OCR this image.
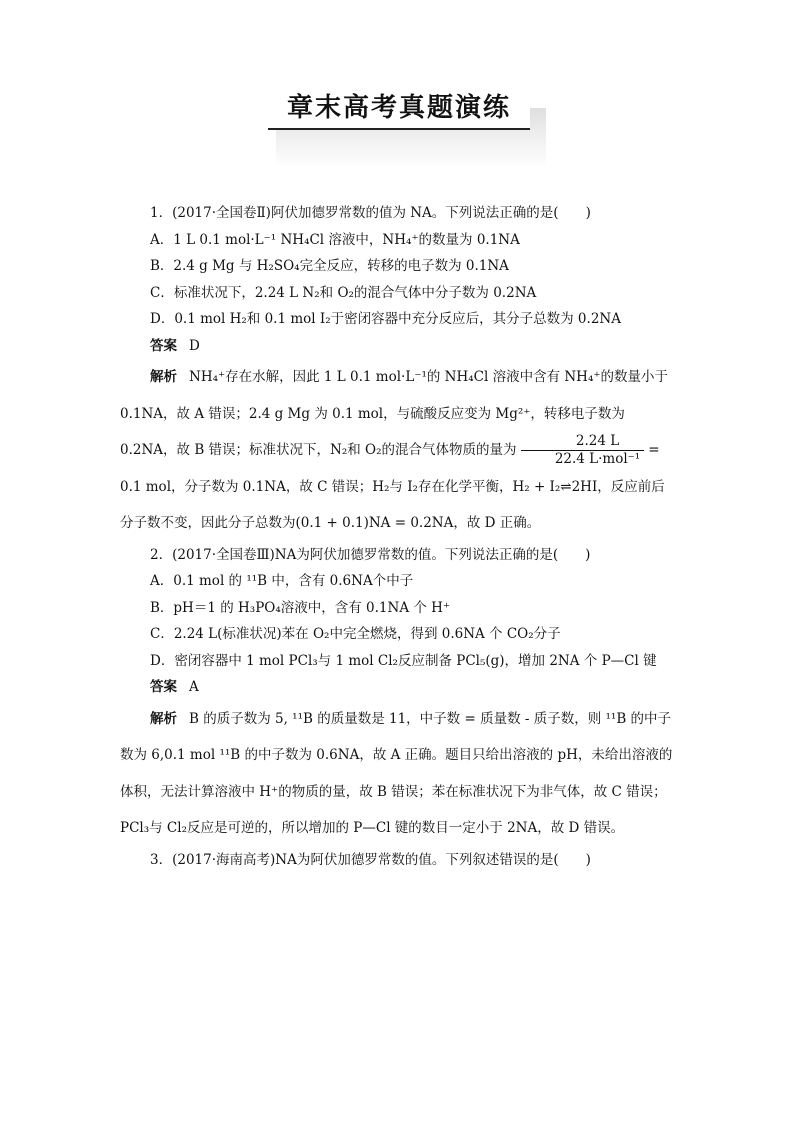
章末高考真题演练

1．(2017·全国卷Ⅱ)阿伏加德罗常数的值为 NA。下列说法正确的是(　　)

A．1 L 0.1 mol·L⁻¹ NH₄Cl 溶液中，NH₄⁺的数量为 0.1NA

B．2.4 g Mg 与 H₂SO₄完全反应，转移的电子数为 0.1NA

C．标准状况下，2.24 L N₂和 O₂的混合气体中分子数为 0.2NA

D．0.1 mol H₂和 0.1 mol I₂于密闭容器中充分反应后，其分子总数为 0.2NA

答案 D

解析 NH₄⁺存在水解，因此 1 L 0.1 mol·L⁻¹的 NH₄Cl 溶液中含有 NH₄⁺的数量小于 0.1NA，故 A 错误；2.4 g Mg 为 0.1 mol，与硫酸反应变为 Mg²⁺，转移电子数为 0.2NA，故 B 错误；标准状况下，N₂和 O₂的混合气体物质的量为 $\frac{2.24 L}{\text{22.4 L·mol⁻¹}} = 0.1$ mol，分子数为 0.1NA，故 C 错误；H₂与 I₂存在化学平衡，H₂ + I₂⇌2HI，反应前后分子数不变，因此分子总数为(0.1 + 0.1)NA = 0.2NA，故 D 正确。

2．(2017·全国卷Ⅲ)NA为阿伏加德罗常数的值。下列说法正确的是(　　)

A．0.1 mol 的 ¹¹B 中，含有 0.6NA个中子

B．pH＝1 的 H₃PO₄溶液中，含有 0.1NA 个 H⁺

C．2.24 L(标准状况)苯在 O₂中完全燃烧，得到 0.6NA 个 CO₂分子

D．密闭容器中 1 mol PCl₃与 1 mol Cl₂反应制备 PCl₅(g)，增加 2NA 个 P—Cl 键

答案 A

解析 B 的质子数为 5, ¹¹B 的质量数是 11，中子数 = 质量数 - 质子数，则 ¹¹B 的中子数为 6,0.1 mol ¹¹B 的中子数为 0.6NA，故 A 正确。题目只给出溶液的 pH，未给出溶液的体积，无法计算溶液中 H⁺的物质的量，故 B 错误；苯在标准状况下为非气体，故 C 错误；PCl₃与 Cl₂反应是可逆的，所以增加的 P—Cl 键的数目一定小于 2NA，故 D 错误。

3．(2017·海南高考)NA为阿伏加德罗常数的值。下列叙述错误的是(　　)
